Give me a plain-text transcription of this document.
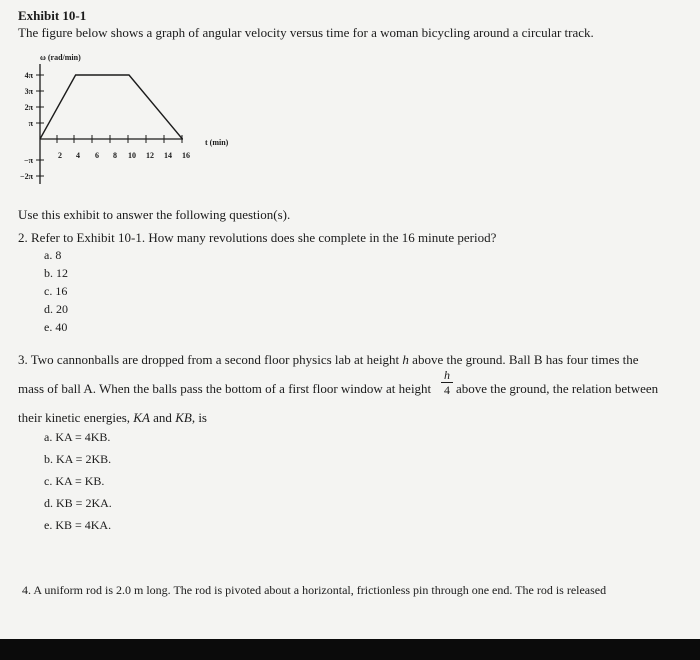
Exhibit 10-1
The figure below shows a graph of angular velocity versus time for a woman bicycling around a circular track.
ω (rad/min)
t (min)
4π
3π
2π
π
−π
−2π
2 4 6 8 10 12 14 16
Use this exhibit to answer the following question(s).
2. Refer to Exhibit 10-1. How many revolutions does she complete in the 16 minute period?
a. 8
b. 12
c. 16
d. 20
e. 40
3. Two cannonballs are dropped from a second floor physics lab at height h above the ground. Ball B has four times the
mass of ball A. When the balls pass the bottom of a first floor window at height $\frac{h}{4}$ above the ground, the relation between
their kinetic energies, KA and KB, is
a. KA = 4KB.
b. KA = 2KB.
c. KA = KB.
d. KB = 2KA.
e. KB = 4KA.
4. A uniform rod is 2.0 m long. The rod is pivoted about a horizontal, frictionless pin through one end. The rod is released
